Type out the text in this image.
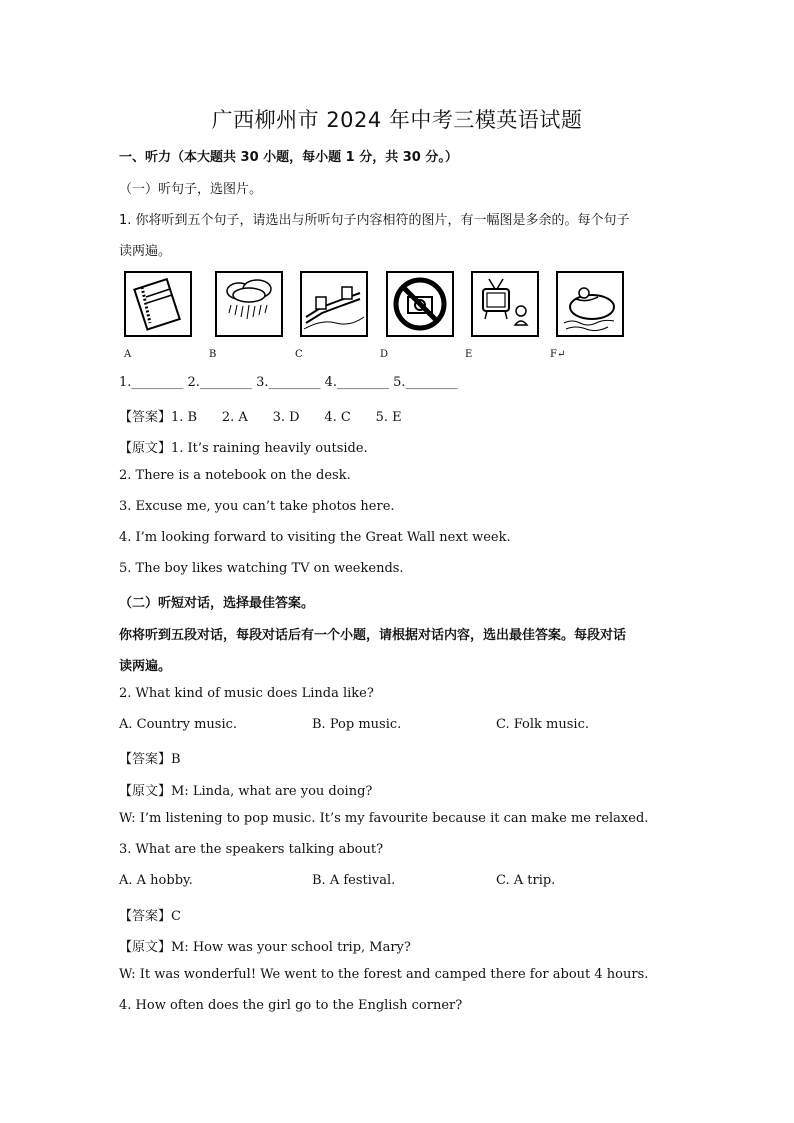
广西柳州市 2024 年中考三模英语试题
一、听力（本大题共 30 小题，每小题 1 分，共 30 分。）
（一）听句子，选图片。
1. 你将听到五个句子，请选出与所听句子内容相符的图片，有一幅图是多余的。每个句子
读两遍。
A	B	C	D	E	F↵
1.________ 2.________ 3.________ 4.________ 5.________
【答案】1. B      2. A      3. D      4. C      5. E
【原文】1. It’s raining heavily outside.
2. There is a notebook on the desk.
3. Excuse me, you can’t take photos here.
4. I’m looking forward to visiting the Great Wall next week.
5. The boy likes watching TV on weekends.
（二）听短对话，选择最佳答案。
你将听到五段对话，每段对话后有一个小题，请根据对话内容，选出最佳答案。每段对话
读两遍。
2. What kind of music does Linda like?
A. Country music.	B. Pop music.	C. Folk music.
【答案】B
【原文】M: Linda, what are you doing?
W: I’m listening to pop music. It’s my favourite because it can make me relaxed.
3. What are the speakers talking about?
A. A hobby.	B. A festival.	C. A trip.
【答案】C
【原文】M: How was your school trip, Mary?
W: It was wonderful! We went to the forest and camped there for about 4 hours.
4. How often does the girl go to the English corner?
